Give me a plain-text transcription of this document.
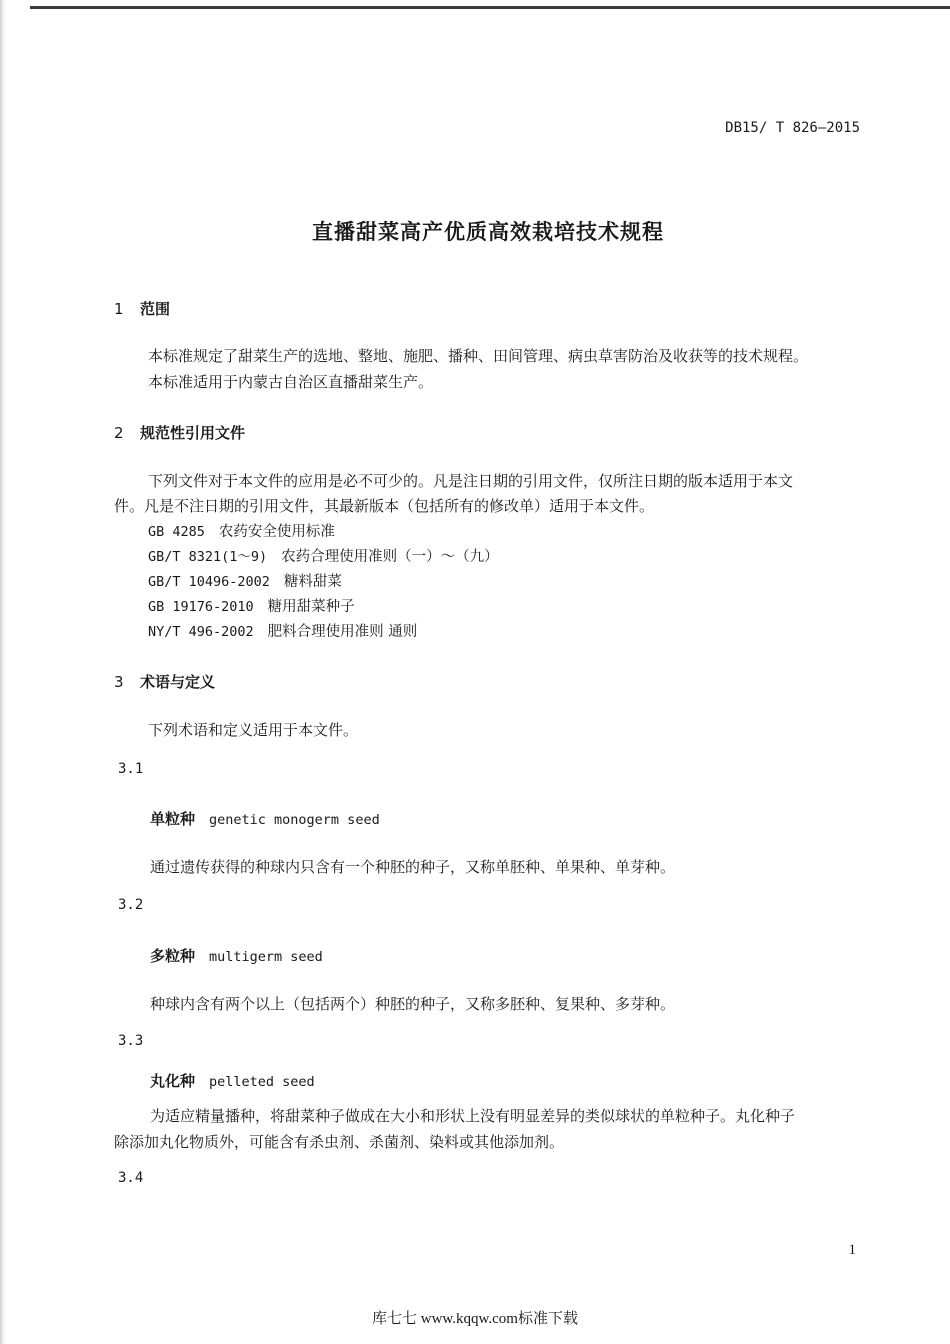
DB15/ T 826—2015
直播甜菜高产优质高效栽培技术规程
1 范围
本标准规定了甜菜生产的选地、整地、施肥、播种、田间管理、病虫草害防治及收获等的技术规程。
本标准适用于内蒙古自治区直播甜菜生产。
2 规范性引用文件
下列文件对于本文件的应用是必不可少的。凡是注日期的引用文件，仅所注日期的版本适用于本文
件。凡是不注日期的引用文件，其最新版本（包括所有的修改单）适用于本文件。
GB 4285 农药安全使用标准
GB/T 8321(1～9) 农药合理使用准则（一）～（九）
GB/T 10496-2002 糖料甜菜
GB 19176-2010 糖用甜菜种子
NY/T 496-2002 肥料合理使用准则 通则
3 术语与定义
下列术语和定义适用于本文件。
3.1
单粒种 genetic monogerm seed
通过遗传获得的种球内只含有一个种胚的种子，又称单胚种、单果种、单芽种。
3.2
多粒种 multigerm seed
种球内含有两个以上（包括两个）种胚的种子，又称多胚种、复果种、多芽种。
3.3
丸化种 pelleted seed
为适应精量播种，将甜菜种子做成在大小和形状上没有明显差异的类似球状的单粒种子。丸化种子
除添加丸化物质外，可能含有杀虫剂、杀菌剂、染料或其他添加剂。
3.4
1
库七七 www.kqqw.com标准下载
